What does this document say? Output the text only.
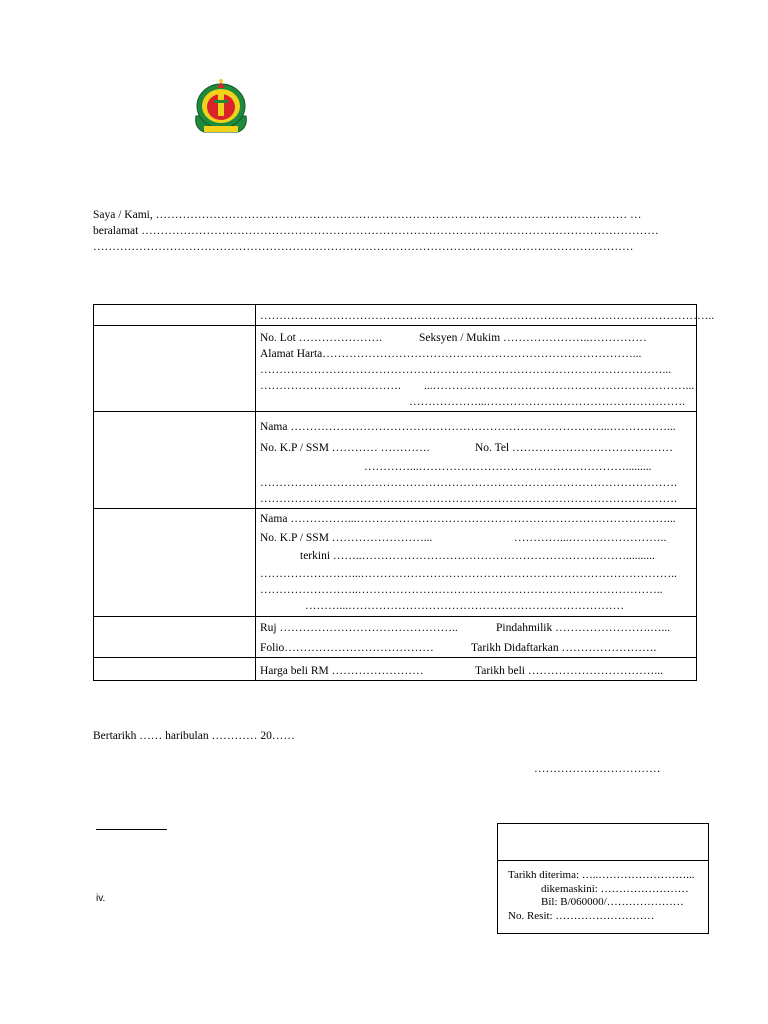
Saya / Kami, …………………………………………………………………………………………………………… …
beralamat ………………………………………………………………………………………………………………………
……………………………………………………………………………………………………………………………
………………………………………………………………………………………………………..
No. Lot ………………….	Seksyen / Mukim …………………..……………
Alamat Harta………………………………………………………………………...
……………………………………………………………………………………………...
………………………………. ...…………………………………………………………...
………………...…………………………………………….
Nama ………………………………………………………………………...……………...
No. K.P / SSM ………… ………….	No. Tel ……………………………………
…………...……………………………………………….........
……………………………………………………………………………………………….
……………………………………………………………………………………………….
Nama ……………...………………………………………………………………………...
No. K.P / SSM ……………………...	…………...……………………..
terkini ……..……………………………………………………………..........
……………………...………………………………………………………………………..
……………………..……………………………………………………………………..
………...………………………………………………………………
Ruj ………………………………………..	Pindahmilik …………………….…...
Folio…………………………………	Tarikh Didaftarkan …………………….
Harga beli RM ……………………	Tarikh beli ……………………………...
Bertarikh …… haribulan ………… 20……
……………………………
iv.
Tarikh diterima: …..……………………...
dikemaskini: ……………………
Bil: B/060000/…………………
No. Resit: ………………………
